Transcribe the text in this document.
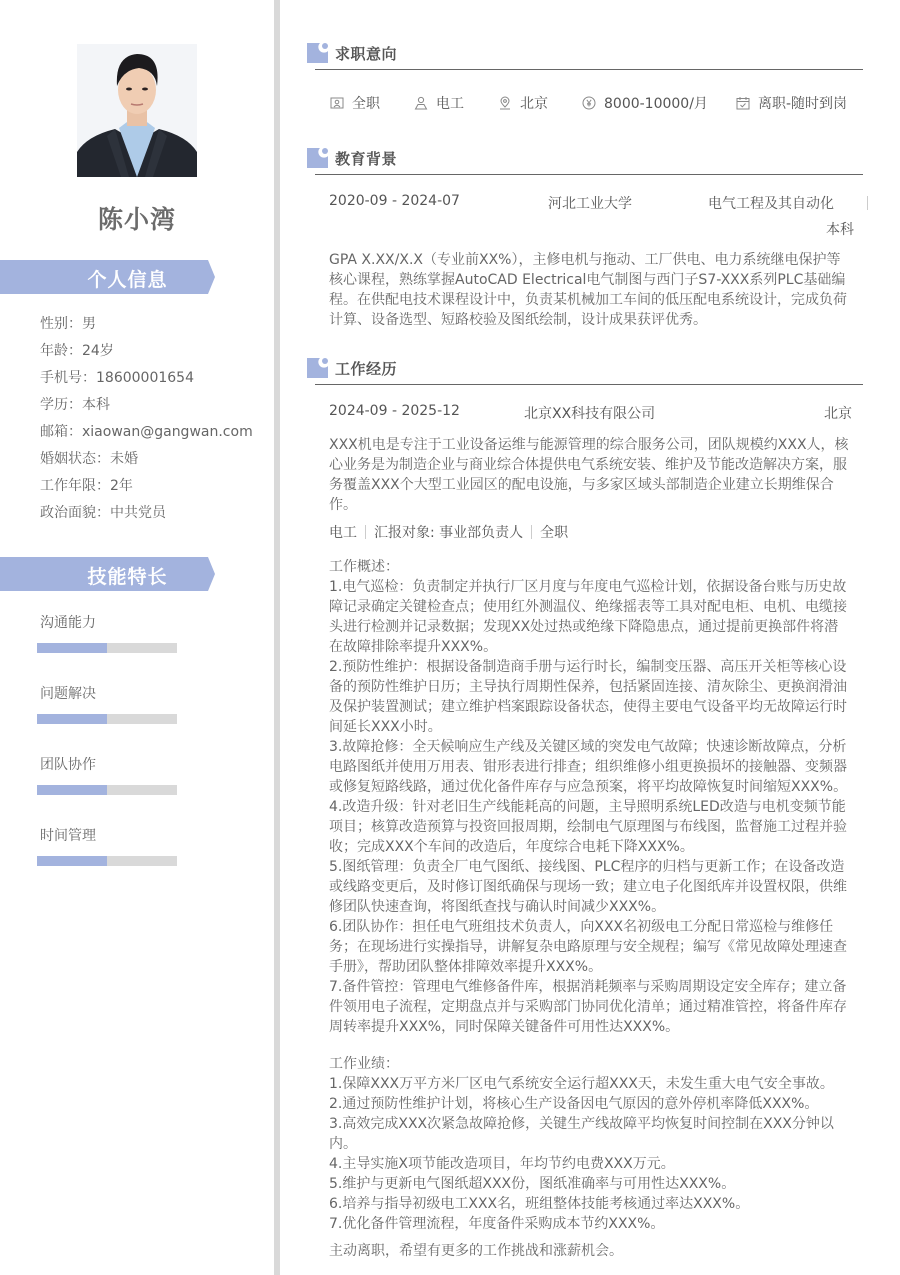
陈小湾
个人信息
性别：男
年龄：24岁
手机号：18600001654
学历：本科
邮箱：xiaowan@gangwan.com
婚姻状态：未婚
工作年限：2年
政治面貌：中共党员
技能特长
沟通能力
问题解决
团队协作
时间管理
求职意向
全职	电工	北京	8000-10000/月	离职-随时到岗
教育背景
2020-09 - 2024-07	河北工业大学	电气工程及其自动化
本科
GPA X.XX/X.X（专业前XX%），主修电机与拖动、工厂供电、电力系统继电保护等核心课程，熟练掌握AutoCAD Electrical电气制图与西门子S7-XXX系列PLC基础编程。在供配电技术课程设计中，负责某机械加工车间的低压配电系统设计，完成负荷计算、设备选型、短路校验及图纸绘制，设计成果获评优秀。
工作经历
2024-09 - 2025-12	北京XX科技有限公司	北京
XXX机电是专注于工业设备运维与能源管理的综合服务公司，团队规模约XXX人，核心业务是为制造企业与商业综合体提供电气系统安装、维护及节能改造解决方案，服务覆盖XXX个大型工业园区的配电设施，与多家区域头部制造企业建立长期维保合作。
电工 汇报对象: 事业部负责人 全职
工作概述：
1.电气巡检：负责制定并执行厂区月度与年度电气巡检计划，依据设备台账与历史故障记录确定关键检查点；使用红外测温仪、绝缘摇表等工具对配电柜、电机、电缆接头进行检测并记录数据；发现XX处过热或绝缘下降隐患点，通过提前更换部件将潜在故障排除率提升XXX%。
2.预防性维护：根据设备制造商手册与运行时长，编制变压器、高压开关柜等核心设备的预防性维护日历；主导执行周期性保养，包括紧固连接、清灰除尘、更换润滑油及保护装置测试；建立维护档案跟踪设备状态，使得主要电气设备平均无故障运行时间延长XXX小时。
3.故障抢修：全天候响应生产线及关键区域的突发电气故障；快速诊断故障点，分析电路图纸并使用万用表、钳形表进行排查；组织维修小组更换损坏的接触器、变频器或修复短路线路，通过优化备件库存与应急预案，将平均故障恢复时间缩短XXX%。
4.改造升级：针对老旧生产线能耗高的问题，主导照明系统LED改造与电机变频节能项目；核算改造预算与投资回报周期，绘制电气原理图与布线图，监督施工过程并验收；完成XXX个车间的改造后，年度综合电耗下降XXX%。
5.图纸管理：负责全厂电气图纸、接线图、PLC程序的归档与更新工作；在设备改造或线路变更后，及时修订图纸确保与现场一致；建立电子化图纸库并设置权限，供维修团队快速查询，将图纸查找与确认时间减少XXX%。
6.团队协作：担任电气班组技术负责人，向XXX名初级电工分配日常巡检与维修任务；在现场进行实操指导，讲解复杂电路原理与安全规程；编写《常见故障处理速查手册》，帮助团队整体排障效率提升XXX%。
7.备件管控：管理电气维修备件库，根据消耗频率与采购周期设定安全库存；建立备件领用电子流程，定期盘点并与采购部门协同优化清单；通过精准管控，将备件库存周转率提升XXX%，同时保障关键备件可用性达XXX%。
工作业绩：
1.保障XXX万平方米厂区电气系统安全运行超XXX天，未发生重大电气安全事故。
2.通过预防性维护计划，将核心生产设备因电气原因的意外停机率降低XXX%。
3.高效完成XXX次紧急故障抢修，关键生产线故障平均恢复时间控制在XXX分钟以内。
4.主导实施X项节能改造项目，年均节约电费XXX万元。
5.维护与更新电气图纸超XXX份，图纸准确率与可用性达XXX%。
6.培养与指导初级电工XXX名，班组整体技能考核通过率达XXX%。
7.优化备件管理流程，年度备件采购成本节约XXX%。
主动离职，希望有更多的工作挑战和涨薪机会。
